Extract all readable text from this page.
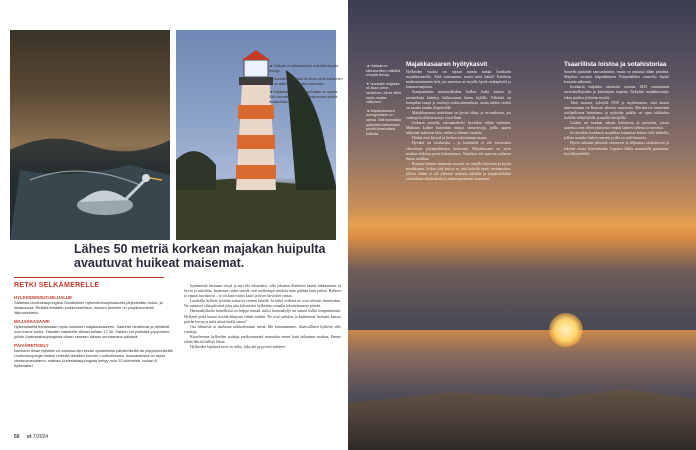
◄ Haikala on silkkaseriken mäkittiä nimpää linnuja.

▼ Isonkarin majakka oli aluun perin kahteinen, bä se alfeit myös muista valkoisen.

◄ Majakkasaaren auringonlasku on upeaa. Sitä kannattaa pakkuista katsomaan plottiä ilmastollisia kalliolta.

Lähes 50 metriä korkean majakan huipulta avautuvat huikeat maisemat.
RETKI SELKÄMERELLE
HYLKEIDENSUOJELUALUE
Safarista Uudenkaupungista Sandbäckin hylkeidensuojelualuella järjestetään touko- ja lokakuussa. Retkillä tehdään poikkeuksellisia, muuten alueelle on ympärivuotinen liikkumiskielto.
MAJAKKASAARI
Hylkesafarilla tutustutaan myös Isonkarin majakkasaareen. Saarella vierailevat ja viettävät noin kolme tuntia. Takaisin manteelle siltaan tullaan 17.30. Safarin voi yhdistää yöpymisen, jolloin Uudessakaupungissa ollaan samaan aikaan seuraavana päivänä.
PÄIVÄRETKEILY
Isonkarin ilman hylkeitä voi tutustua läpi kesän opastetuilla päiväretkeillä tai yöpymisretkeillä. Uudenkaupungin lisäksi retkeillä tehdään kuurvin Luothoilmasta. Isossakarissa on myös vierasvenesatama, matkaa Uudestakaupungista kertyy noin 22 kilometriä. isokari.fi, hylkesafari

kymmenitä harmaan sävyä ja myt tilä aikuiseksi, siltä jokaisen dlaimeen kaunit lakkaamaan sä hyvin ja sikiöihin. Isoimmat riiden sinisät ovat melkeinpä riittäviä näin pitkään kuin jatkaa. Hylkeet ja vapaat huvittuvat – se on kuin vanha kaari ja kivet hirvioltet rantaa.

Laudoilla hylkeet lyöttäin tottuivat veneen lähellä. Ja miltä vedestä ne ovat selvästi ihmeissään. Ne saattavat siltä päivästä joka sata kilometriä hylkeisiin rinnalla lekottelemassa päivää.

Harmaahylkeitä katsellessa on helppo mittää, miksi harmaahylje on saanut hallin lempinimensä. Hylkeen pitkä kuono nostää alkujaan vähän mitään. Ne ovat sielukas ja katkenneet laulujen kanssa päivän teosta ja mitä niistä luulla sanoa?

Osa tiltimistä ui sitelaana tarkkailemaan meitä. Me kummaamme, tilaavsillinen hylkeitä sille vanhoja.

Katselemme hylkeiden touhuja parikymmentä minuuttia ennen kuin jatkamme matkaa. Emme tahdo häiritä hallejä liikaa.

Hylkeiden lajittimä meri on niiky, joka jää pysyvästi mieleen.

50 et 7/2024

◄ Haikala on silkkaseriken mäkittiä nimpää linnuja.

▼ Isonkarin majakka oli aluun perin kahteinen, bä se alfeit myös muista valkoisen.

◄ Majakkasaaren auringonlasku on upeaa. Sitä kannattaa pakkuista katsomaan plottiä ilmastollisia kalliolta.

Majakkasaaren hyötykasvit

Hylkeiden vuoksi on vajaan tunnin matka Isonkarin majakkasaarelle. Siitä samaanaan, mutta mitä hätää? Kaikkein mutkattomimmin heti, jos saaressa on tarjolla hyviä ruokapöytiä ja kunnon majoitus.

Sympaattinen mantavilkulma kulkee halki saaren ja ravintolasta kääntyy kulkusuunta kauas kylälle. Vähäistä on kumpikin lampi ja vanhoja uudisrakennuksia, mutta niiden sinistä on kaunis tänään iltapäivällä.

Majakkasaaren tuulettuna on hyvää aikaa, ja on mukavaa, jos vanhoja kivikkomuotoja vuorellaan.

Isokarin saarella, taivaantaholle hyvinkin vähän vaaleaan. Matkaan kulkee kuitenkin tuttuja rantaviivoja, joilla saaren näkymät aukeavat idän, etelän ja lännen suuntiin.

Hiekat ovat kivisiä ja hiekan sekoittamaa maata.

Hyvänä on vesihuolto – ja katoksilla ei ole varsinaista ehtoolinen pöytäpaikkojen korkeutta. Majakkasaari on siten matkan ehdoton paras kokonaisuus. Nautikaa siis saaresta rauhassa ilman ruuhkaa.

Ruokaa lukuun ottamatta muuten on tarjolla kiireetön ja hyvin maukkaana. Joskin siitä kertoo se, että kahvila vaatii vastaanottoa, jolloin siihen ei ole yleisesti mukava ulkotila ja ympäristöltään rauhallinen ulkokahvila ja mieleenpainuvat maisemat.

Tsaarillista loistoa ja sotahistoriaa

Saarella päästään sauvanhmiset, mutta se ansiasta tähän päivänä. Majakan tornista kiipeääminen Pohjanlahden rannoilta löytää kauniita näkymiä.

Isonkarin majakka valmistui vuonna 1833 vastaamaan merenkulkijoiden ja kalastajien tarpeita. Nykyään majakkavartija tekee puiden ja kivien myötä.

Tänä vuonna, syksyllä 1939 ja myöhemmin, siitä kaarta nimenomaan on Ruotsin aikoina varastoitu. Merikarvia tunnetaan sotilaallisena historiana, ja nykyään paikka on upea tukikohta kaikille retkeilijöille ja muille kävijöille.

Lisäksi on matkan aikana kalastusta ja museoita, joissa saaressa ovat olleet yksityiset vanhat laitteet tallessa ja turvassa.

Ja tietenkin Isonkarin majakkaa kannattaa katsoa sillä hetkellä, jolloin aurinko laskee mereen ja ilta on mitä kaunein.

Hyvin aikaisin päivästä vuorovesi ja hiljaisuus rauhoittavat ja tekevät olosta kiireettömän. Lopuksi illalla mannerille palaamme hyvällä mielellä.
